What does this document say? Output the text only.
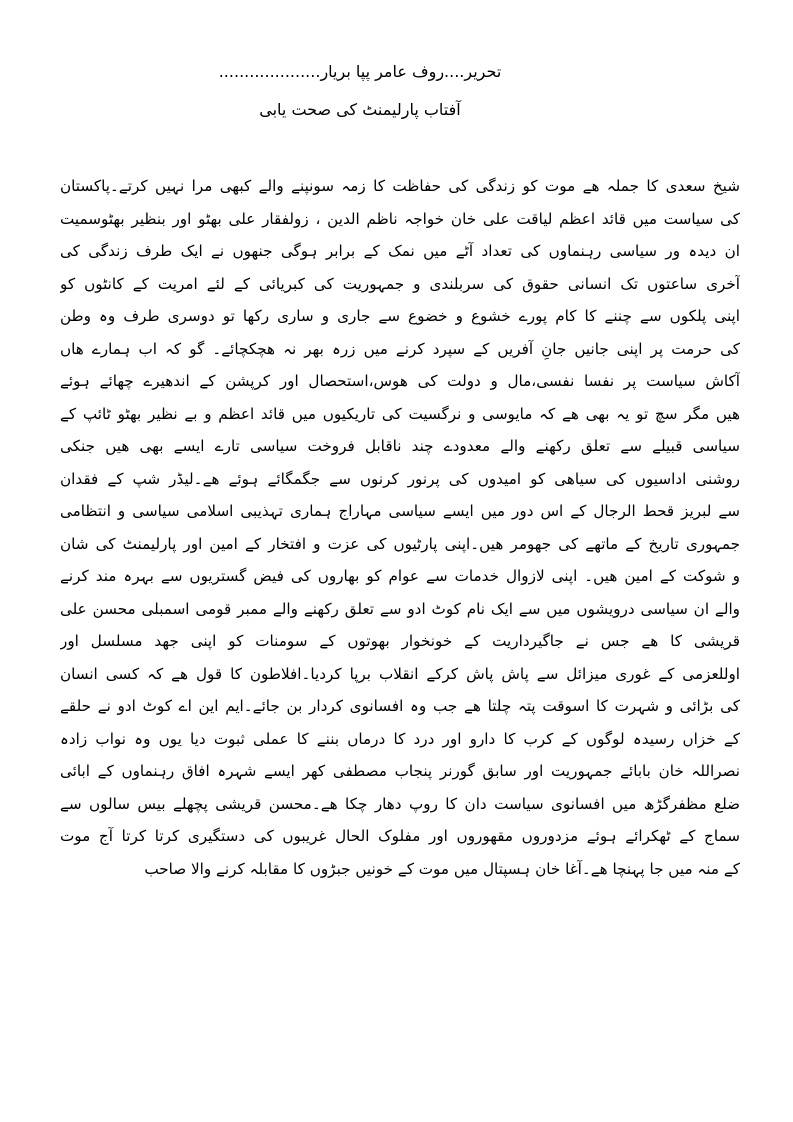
تحریر....روف عامر پپا بریار....................
آفتاب پارلیمنٹ کی صحت یابی
شیخ سعدی کا جملہ ھے موت کو زندگی کی حفاظت کا زمہ سونپنے والے کبھی مرا نہیں کرتے۔پاکستان
کی سیاست میں قائد اعظم لیاقت علی خان خواجہ ناظم الدین ، زولفقار علی بھٹو اور بنظیر بھٹوسمیت
ان دیدہ ور سیاسی رہنماوں کی تعداد آٹے میں نمک کے برابر ہوگی جنھوں نے ایک طرف زندگی کی
آخری ساعتوں تک انسانی حقوق کی سربلندی و جمہوریت کی کبریائی کے لئے امریت کے کانٹوں کو
اپنی پلکوں سے چننے کا کام پورے خشوع و خضوع سے جاری و ساری رکھا تو دوسری طرف وہ وطن
کی حرمت پر اپنی جانیں جانِ آفریں کے سپرد کرنے میں زرہ بھر نہ ھچکچائے۔ گو کہ اب ہمارے ھاں
آکاش سیاست پر نفسا نفسی،مال و دولت کی ھوس،استحصال اور کرپشن کے اندھیرے چھائے ہوئے
ھیں مگر سچ تو یہ بھی ھے کہ مایوسی و نرگسیت کی تاریکیوں میں قائد اعظم و بے نظیر بھٹو ٹائپ کے
سیاسی قبیلے سے تعلق رکھنے والے معدودے چند ناقابل فروخت سیاسی تارے ایسے بھی ھیں جنکی
روشنی اداسیوں کی سیاھی کو امیدوں کی پرنور کرنوں سے جگمگائے ہوئے ھے۔لیڈر شپ کے فقدان
سے لبریز قحط الرجال کے اس دور میں ایسے سیاسی مہاراج ہماری تہذیبی اسلامی سیاسی و انتظامی
جمہوری تاریخ کے ماتھے کی جھومر ھیں۔اپنی پارٹیوں کی عزت و افتخار کے امین اور پارلیمنٹ کی شان
و شوکت کے امین ھیں۔ اپنی لازوال خدمات سے عوام کو بھاروں کی فیض گستریوں سے بہرہ مند کرنے
والے ان سیاسی درویشوں میں سے ایک نام کوٹ ادو سے تعلق رکھنے والے ممبر قومی اسمبلی محسن علی
قریشی کا ھے جس نے جاگیرداریت کے خونخوار بھوتوں کے سومنات کو اپنی جھد مسلسل اور
اوللعزمی کے غوری میزائل سے پاش پاش کرکے انقلاب برپا کردیا۔افلاطون کا قول ھے کہ کسی انسان
کی بڑائی و شہرت کا اسوقت پتہ چلتا ھے جب وہ افسانوی کردار بن جائے۔ایم این اے کوٹ ادو نے حلقے
کے خزاں رسیدہ لوگوں کے کرب کا دارو اور درد کا درماں بننے کا عملی ثبوت دیا یوں وہ نواب زادہ
نصراللہ خان بابائے جمہوریت اور سابق گورنر پنجاب مصطفی کھر ایسے شہرہ افاق رہنماوں کے ابائی
ضلع مظفرگڑھ میں افسانوی سیاست دان کا روپ دھار چکا ھے۔محسن قریشی پچھلے بیس سالوں سے
سماج کے ٹھکرائے ہوئے مزدوروں مقھوروں اور مفلوک الحال غریبوں کی دستگیری کرتا کرتا آج موت
کے منہ میں جا پہنچا ھے۔آغا خان ہسپتال میں موت کے خونیں جبڑوں کا مقابلہ کرنے والا صاحب
